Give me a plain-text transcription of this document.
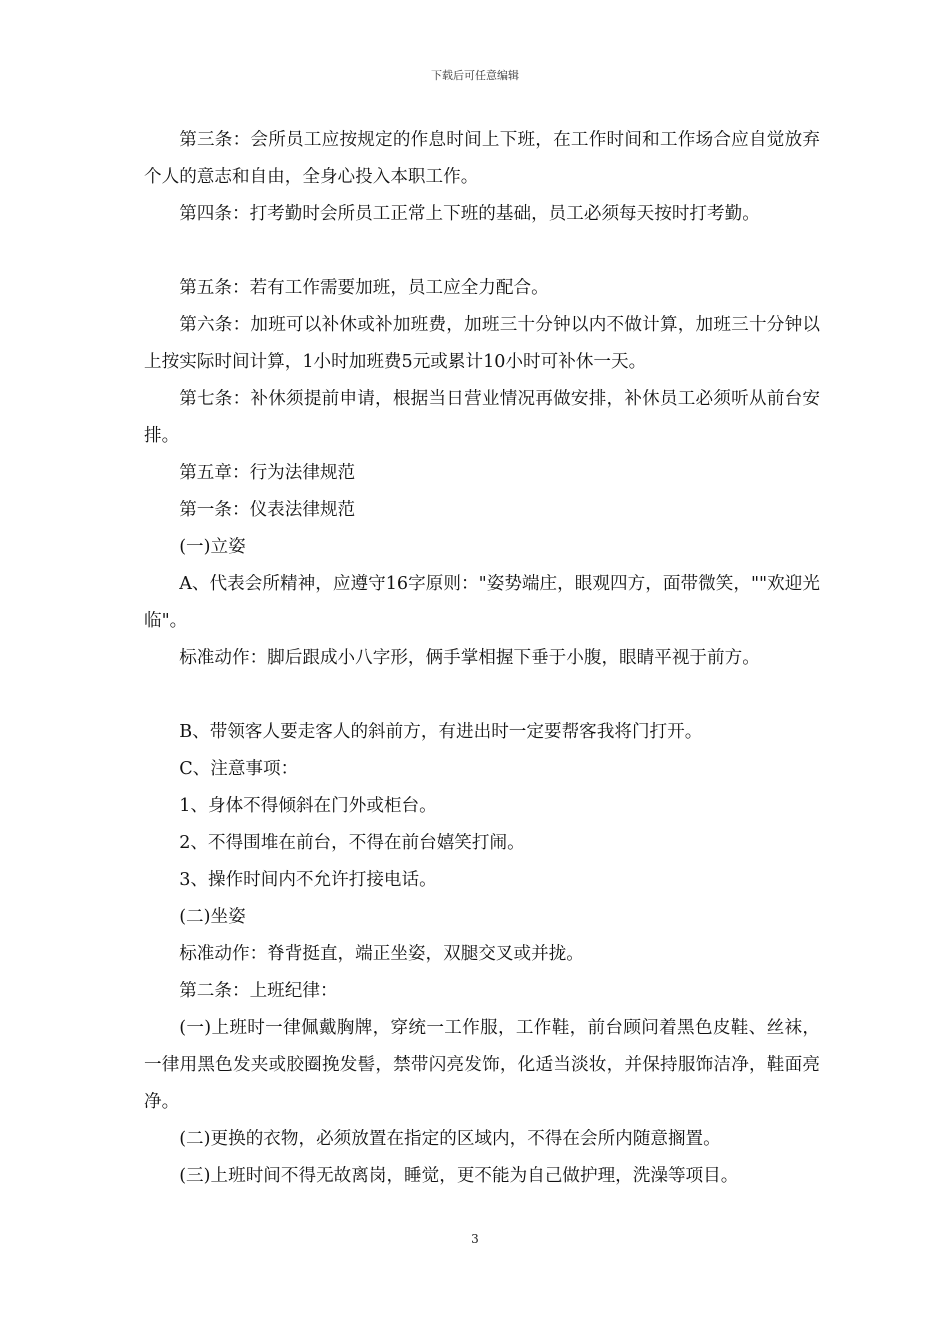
下载后可任意编辑

第三条：会所员工应按规定的作息时间上下班，在工作时间和工作场合应自觉放弃个人的意志和自由，全身心投入本职工作。

第四条：打考勤时会所员工正常上下班的基础，员工必须每天按时打考勤。

第五条：若有工作需要加班，员工应全力配合。

第六条：加班可以补休或补加班费，加班三十分钟以内不做计算，加班三十分钟以上按实际时间计算，1小时加班费5元或累计10小时可补休一天。

第七条：补休须提前申请，根据当日营业情况再做安排，补休员工必须听从前台安排。

第五章：行为法律规范

第一条：仪表法律规范

(一)立姿

A、代表会所精神，应遵守16字原则："姿势端庄，眼观四方，面带微笑，""欢迎光临"。

标准动作：脚后跟成小八字形，俩手掌相握下垂于小腹，眼睛平视于前方。

B、带领客人要走客人的斜前方，有进出时一定要帮客我将门打开。

C、注意事项：

1、身体不得倾斜在门外或柜台。

2、不得围堆在前台，不得在前台嬉笑打闹。

3、操作时间内不允许打接电话。

(二)坐姿

标准动作：脊背挺直，端正坐姿，双腿交叉或并拢。

第二条：上班纪律：

(一)上班时一律佩戴胸牌，穿统一工作服，工作鞋，前台顾问着黑色皮鞋、丝袜，一律用黑色发夹或胶圈挽发髻，禁带闪亮发饰，化适当淡妆，并保持服饰洁净，鞋面亮净。

(二)更换的衣物，必须放置在指定的区域内，不得在会所内随意搁置。

(三)上班时间不得无故离岗，睡觉，更不能为自己做护理，洗澡等项目。

3
